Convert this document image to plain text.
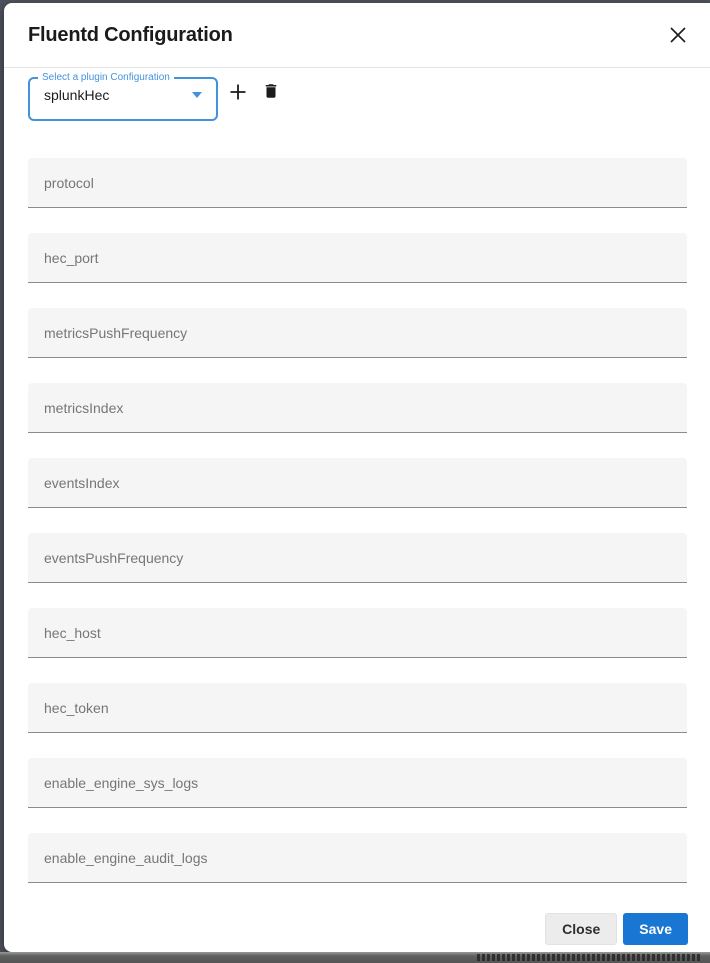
Fluentd Configuration
Select a plugin Configuration
splunkHec
protocol
hec_port
metricsPushFrequency
metricsIndex
eventsIndex
eventsPushFrequency
hec_host
hec_token
enable_engine_sys_logs
enable_engine_audit_logs
Close	Save
